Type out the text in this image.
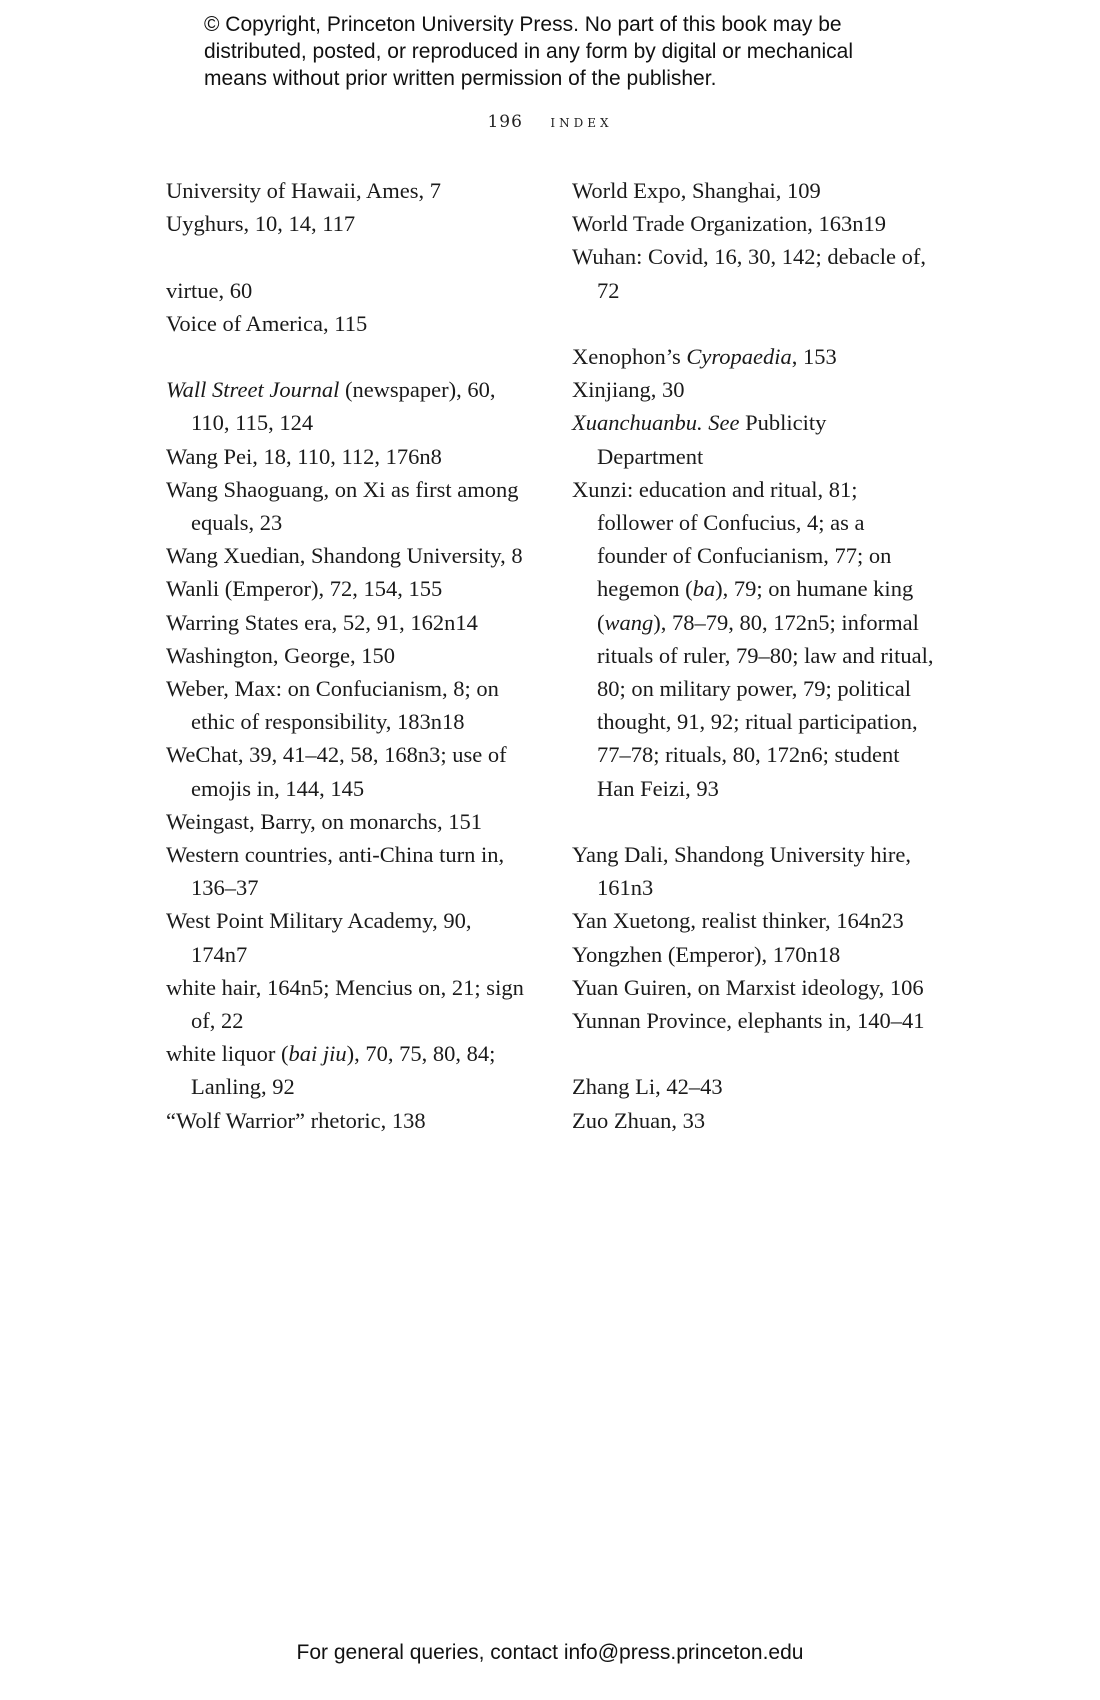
© Copyright, Princeton University Press. No part of this book may be
distributed, posted, or reproduced in any form by digital or mechanical
means without prior written permission of the publisher.
196 index

University of Hawaii, Ames, 7

Uyghurs, 10, 14, 117

virtue, 60

Voice of America, 115

Wall Street Journal (newspaper), 60, 110, 115, 124

Wang Pei, 18, 110, 112, 176n8

Wang Shaoguang, on Xi as first among equals, 23

Wang Xuedian, Shandong University, 8

Wanli (Emperor), 72, 154, 155

Warring States era, 52, 91, 162n14

Washington, George, 150

Weber, Max: on Confucianism, 8; on ethic of responsibility, 183n18

WeChat, 39, 41–42, 58, 168n3; use of emojis in, 144, 145

Weingast, Barry, on monarchs, 151

Western countries, anti-China turn in, 136–37

West Point Military Academy, 90, 174n7

white hair, 164n5; Mencius on, 21; sign of, 22

white liquor (bai jiu), 70, 75, 80, 84; Lanling, 92

“Wolf Warrior” rhetoric, 138

World Expo, Shanghai, 109

World Trade Organization, 163n19

Wuhan: Covid, 16, 30, 142; debacle of, 72

Xenophon’s Cyropaedia, 153

Xinjiang, 30

Xuanchuanbu. See Publicity Department

Xunzi: education and ritual, 81; follower of Confucius, 4; as a founder of Confucianism, 77; on hegemon (ba), 79; on humane king (wang), 78–79, 80, 172n5; informal rituals of ruler, 79–80; law and ritual, 80; on military power, 79; political thought, 91, 92; ritual participation, 77–78; rituals, 80, 172n6; student Han Feizi, 93

Yang Dali, Shandong University hire, 161n3

Yan Xuetong, realist thinker, 164n23

Yongzhen (Emperor), 170n18

Yuan Guiren, on Marxist ideology, 106

Yunnan Province, elephants in, 140–41

Zhang Li, 42–43

Zuo Zhuan, 33

For general queries, contact info@press.princeton.edu
